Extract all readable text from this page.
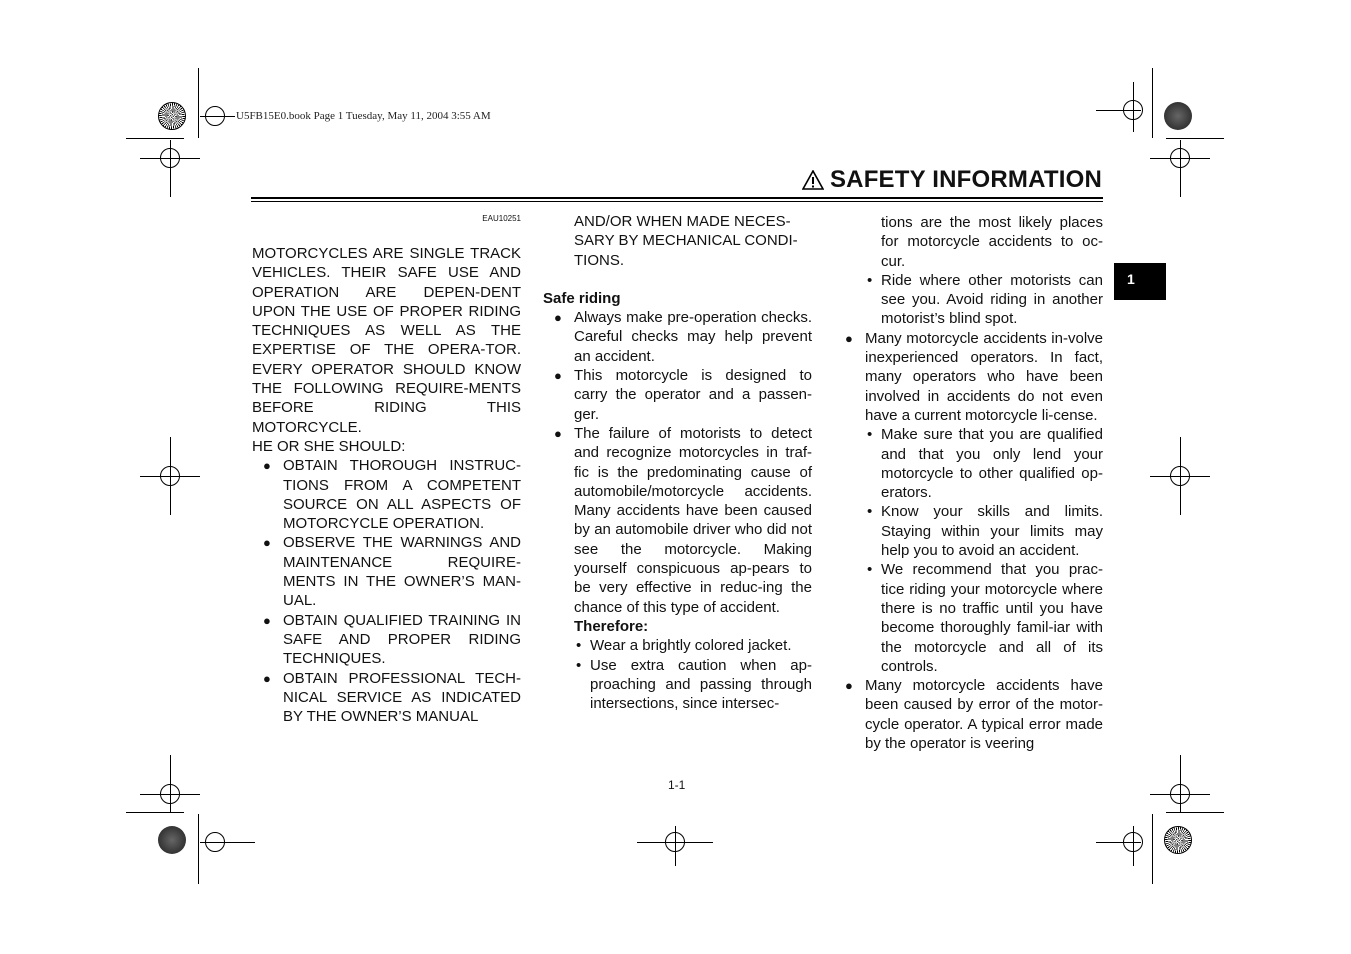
U5FB15E0.book Page 1 Tuesday, May 11, 2004 3:55 AM
SAFETY INFORMATION
1

EAU10251

MOTORCYCLES ARE SINGLE TRACK VEHICLES. THEIR SAFE USE AND OPERATION ARE DEPEN-DENT UPON THE USE OF PROPER RIDING TECHNIQUES AS WELL AS THE EXPERTISE OF THE OPERA-TOR. EVERY OPERATOR SHOULD KNOW THE FOLLOWING REQUIRE-MENTS BEFORE RIDING THIS MOTORCYCLE.

HE OR SHE SHOULD:

● OBTAIN THOROUGH INSTRUC-TIONS FROM A COMPETENT SOURCE ON ALL ASPECTS OF MOTORCYCLE OPERATION.

● OBSERVE THE WARNINGS AND MAINTENANCE REQUIRE-MENTS IN THE OWNER’S MAN-UAL.

● OBTAIN QUALIFIED TRAINING IN SAFE AND PROPER RIDING TECHNIQUES.

● OBTAIN PROFESSIONAL TECH-NICAL SERVICE AS INDICATED BY THE OWNER’S MANUAL

AND/OR WHEN MADE NECES-SARY BY MECHANICAL CONDI-TIONS.

Safe riding

● Always make pre-operation checks. Careful checks may help prevent an accident.

● This motorcycle is designed to carry the operator and a passen-ger.

● The failure of motorists to detect and recognize motorcycles in traf-fic is the predominating cause of automobile/motorcycle accidents. Many accidents have been caused by an automobile driver who did not see the motorcycle. Making yourself conspicuous ap-pears to be very effective in reduc-ing the chance of this type of accident.

Therefore:

• Wear a brightly colored jacket.

• Use extra caution when ap-proaching and passing through intersections, since intersec-

tions are the most likely places for motorcycle accidents to oc-cur.

• Ride where other motorists can see you. Avoid riding in another motorist’s blind spot.

● Many motorcycle accidents in-volve inexperienced operators. In fact, many operators who have been involved in accidents do not even have a current motorcycle li-cense.

• Make sure that you are qualified and that you only lend your motorcycle to other qualified op-erators.

• Know your skills and limits. Staying within your limits may help you to avoid an accident.

• We recommend that you prac-tice riding your motorcycle where there is no traffic until you have become thoroughly famil-iar with the motorcycle and all of its controls.

● Many motorcycle accidents have been caused by error of the motor-cycle operator. A typical error made by the operator is veering

1-1
